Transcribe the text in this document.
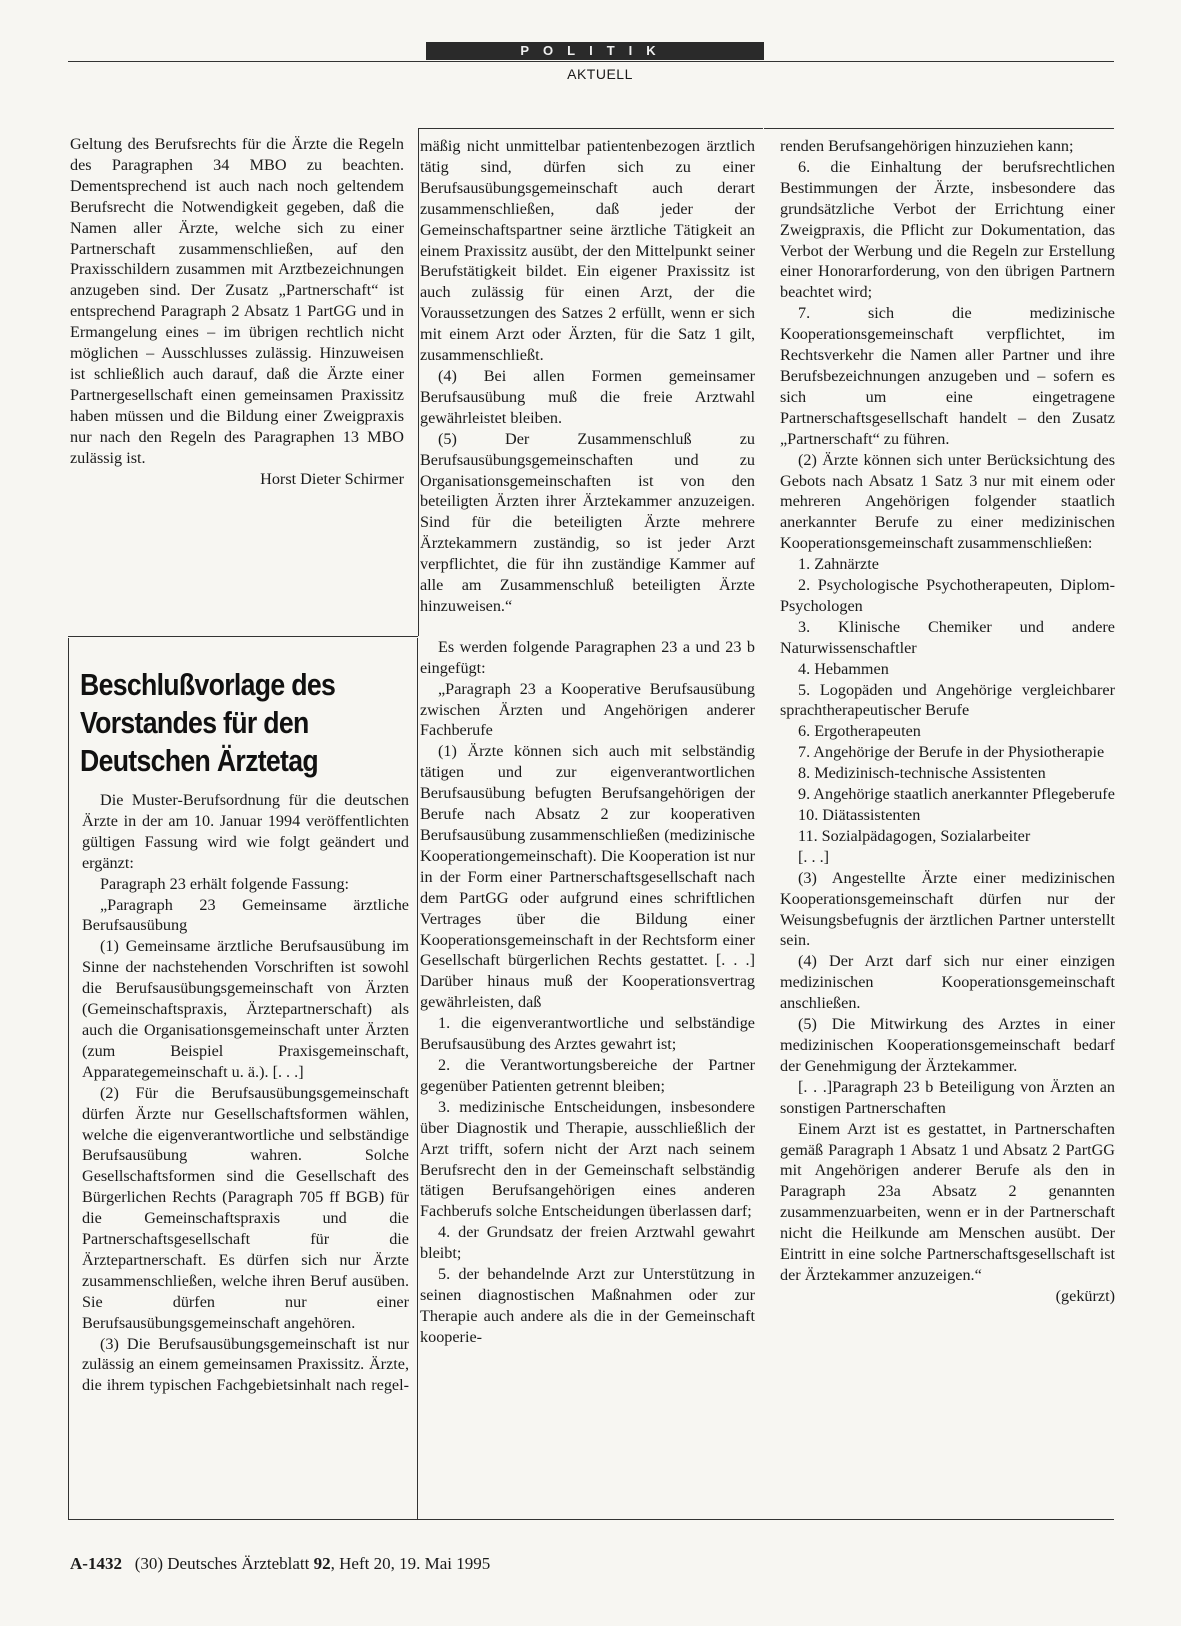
POLITIK
AKTUELL

Geltung des Berufsrechts für die Ärzte die Regeln des Paragraphen 34 MBO zu beachten. Dementsprechend ist auch nach noch geltendem Berufsrecht die Notwendigkeit gegeben, daß die Namen aller Ärzte, welche sich zu einer Partnerschaft zusammenschließen, auf den Praxisschildern zusammen mit Arztbezeichnungen anzugeben sind. Der Zusatz „Partnerschaft“ ist entsprechend Paragraph 2 Absatz 1 PartGG und in Ermangelung eines – im übrigen rechtlich nicht möglichen – Ausschlusses zulässig. Hinzuweisen ist schließlich auch darauf, daß die Ärzte einer Partnergesellschaft einen gemeinsamen Praxissitz haben müssen und die Bildung einer Zweigpraxis nur nach den Regeln des Paragraphen 13 MBO zulässig ist.

Horst Dieter Schirmer

Beschlußvorlage des
Vorstandes für den
Deutschen Ärztetag

Die Muster-Berufsordnung für die deutschen Ärzte in der am 10. Januar 1994 veröffentlichten gültigen Fassung wird wie folgt geändert und ergänzt:

Paragraph 23 erhält folgende Fassung:

„Paragraph 23 Gemeinsame ärztliche Berufsausübung

(1) Gemeinsame ärztliche Berufsausübung im Sinne der nachstehenden Vorschriften ist sowohl die Berufsausübungsgemeinschaft von Ärzten (Gemeinschaftspraxis, Ärztepartnerschaft) als auch die Organisationsgemeinschaft unter Ärzten (zum Beispiel Praxisgemeinschaft, Apparategemeinschaft u. ä.). [. . .]

(2) Für die Berufsausübungsgemeinschaft dürfen Ärzte nur Gesellschaftsformen wählen, welche die eigenverantwortliche und selbständige Berufsausübung wahren. Solche Gesellschaftsformen sind die Gesellschaft des Bürgerlichen Rechts (Paragraph 705 ff BGB) für die Gemeinschaftspraxis und die Partnerschaftsgesellschaft für die Ärztepartnerschaft. Es dürfen sich nur Ärzte zusammenschließen, welche ihren Beruf ausüben. Sie dürfen nur einer Berufsausübungsgemeinschaft angehören.

(3) Die Berufsausübungsgemeinschaft ist nur zulässig an einem gemeinsamen Praxissitz. Ärzte, die ihrem typischen Fachgebietsinhalt nach regel-

mäßig nicht unmittelbar patientenbezogen ärztlich tätig sind, dürfen sich zu einer Berufsausübungsgemeinschaft auch derart zusammenschließen, daß jeder der Gemeinschaftspartner seine ärztliche Tätigkeit an einem Praxissitz ausübt, der den Mittelpunkt seiner Berufstätigkeit bildet. Ein eigener Praxissitz ist auch zulässig für einen Arzt, der die Voraussetzungen des Satzes 2 erfüllt, wenn er sich mit einem Arzt oder Ärzten, für die Satz 1 gilt, zusammenschließt.

(4) Bei allen Formen gemeinsamer Berufsausübung muß die freie Arztwahl gewährleistet bleiben.

(5) Der Zusammenschluß zu Berufsausübungsgemeinschaften und zu Organisationsgemeinschaften ist von den beteiligten Ärzten ihrer Ärztekammer anzuzeigen. Sind für die beteiligten Ärzte mehrere Ärztekammern zuständig, so ist jeder Arzt verpflichtet, die für ihn zuständige Kammer auf alle am Zusammenschluß beteiligten Ärzte hinzuweisen.“

Es werden folgende Paragraphen 23 a und 23 b eingefügt:

„Paragraph 23 a Kooperative Berufsausübung zwischen Ärzten und Angehörigen anderer Fachberufe

(1) Ärzte können sich auch mit selbständig tätigen und zur eigenverantwortlichen Berufsausübung befugten Berufsangehörigen der Berufe nach Absatz 2 zur kooperativen Berufsausübung zusammenschließen (medizinische Kooperationgemeinschaft). Die Kooperation ist nur in der Form einer Partnerschaftsgesellschaft nach dem PartGG oder aufgrund eines schriftlichen Vertrages über die Bildung einer Kooperationsgemeinschaft in der Rechtsform einer Gesellschaft bürgerlichen Rechts gestattet. [. . .] Darüber hinaus muß der Kooperationsvertrag gewährleisten, daß

1. die eigenverantwortliche und selbständige Berufsausübung des Arztes gewahrt ist;

2. die Verantwortungsbereiche der Partner gegenüber Patienten getrennt bleiben;

3. medizinische Entscheidungen, insbesondere über Diagnostik und Therapie, ausschließlich der Arzt trifft, sofern nicht der Arzt nach seinem Berufsrecht den in der Gemeinschaft selbständig tätigen Berufsangehörigen eines anderen Fachberufs solche Entscheidungen überlassen darf;

4. der Grundsatz der freien Arztwahl gewahrt bleibt;

5. der behandelnde Arzt zur Unterstützung in seinen diagnostischen Maßnahmen oder zur Therapie auch andere als die in der Gemeinschaft kooperie-

renden Berufsangehörigen hinzuziehen kann;

6. die Einhaltung der berufsrechtlichen Bestimmungen der Ärzte, insbesondere das grundsätzliche Verbot der Errichtung einer Zweigpraxis, die Pflicht zur Dokumentation, das Verbot der Werbung und die Regeln zur Erstellung einer Honorarforderung, von den übrigen Partnern beachtet wird;

7. sich die medizinische Kooperationsgemeinschaft verpflichtet, im Rechtsverkehr die Namen aller Partner und ihre Berufsbezeichnungen anzugeben und – sofern es sich um eine eingetragene Partnerschaftsgesellschaft handelt – den Zusatz „Partnerschaft“ zu führen.

(2) Ärzte können sich unter Berücksichtung des Gebots nach Absatz 1 Satz 3 nur mit einem oder mehreren Angehörigen folgender staatlich anerkannter Berufe zu einer medizinischen Kooperationsgemeinschaft zusammenschließen:

1. Zahnärzte

2. Psychologische Psychotherapeuten, Diplom-Psychologen

3. Klinische Chemiker und andere Naturwissenschaftler

4. Hebammen

5. Logopäden und Angehörige vergleichbarer sprachtherapeutischer Berufe

6. Ergotherapeuten

7. Angehörige der Berufe in der Physiotherapie

8. Medizinisch-technische Assistenten

9. Angehörige staatlich anerkannter Pflegeberufe

10. Diätassistenten

11. Sozialpädagogen, Sozialarbeiter

[. . .]

(3) Angestellte Ärzte einer medizinischen Kooperationsgemeinschaft dürfen nur der Weisungsbefugnis der ärztlichen Partner unterstellt sein.

(4) Der Arzt darf sich nur einer einzigen medizinischen Kooperationsgemeinschaft anschließen.

(5) Die Mitwirkung des Arztes in einer medizinischen Kooperationsgemeinschaft bedarf der Genehmigung der Ärztekammer.

[. . .]Paragraph 23 b Beteiligung von Ärzten an sonstigen Partnerschaften

Einem Arzt ist es gestattet, in Partnerschaften gemäß Paragraph 1 Absatz 1 und Absatz 2 PartGG mit Angehörigen anderer Berufe als den in Paragraph 23a Absatz 2 genannten zusammenzuarbeiten, wenn er in der Partnerschaft nicht die Heilkunde am Menschen ausübt. Der Eintritt in eine solche Partnerschaftsgesellschaft ist der Ärztekammer anzuzeigen.“

(gekürzt)

A-1432 (30) Deutsches Ärzteblatt 92, Heft 20, 19. Mai 1995
